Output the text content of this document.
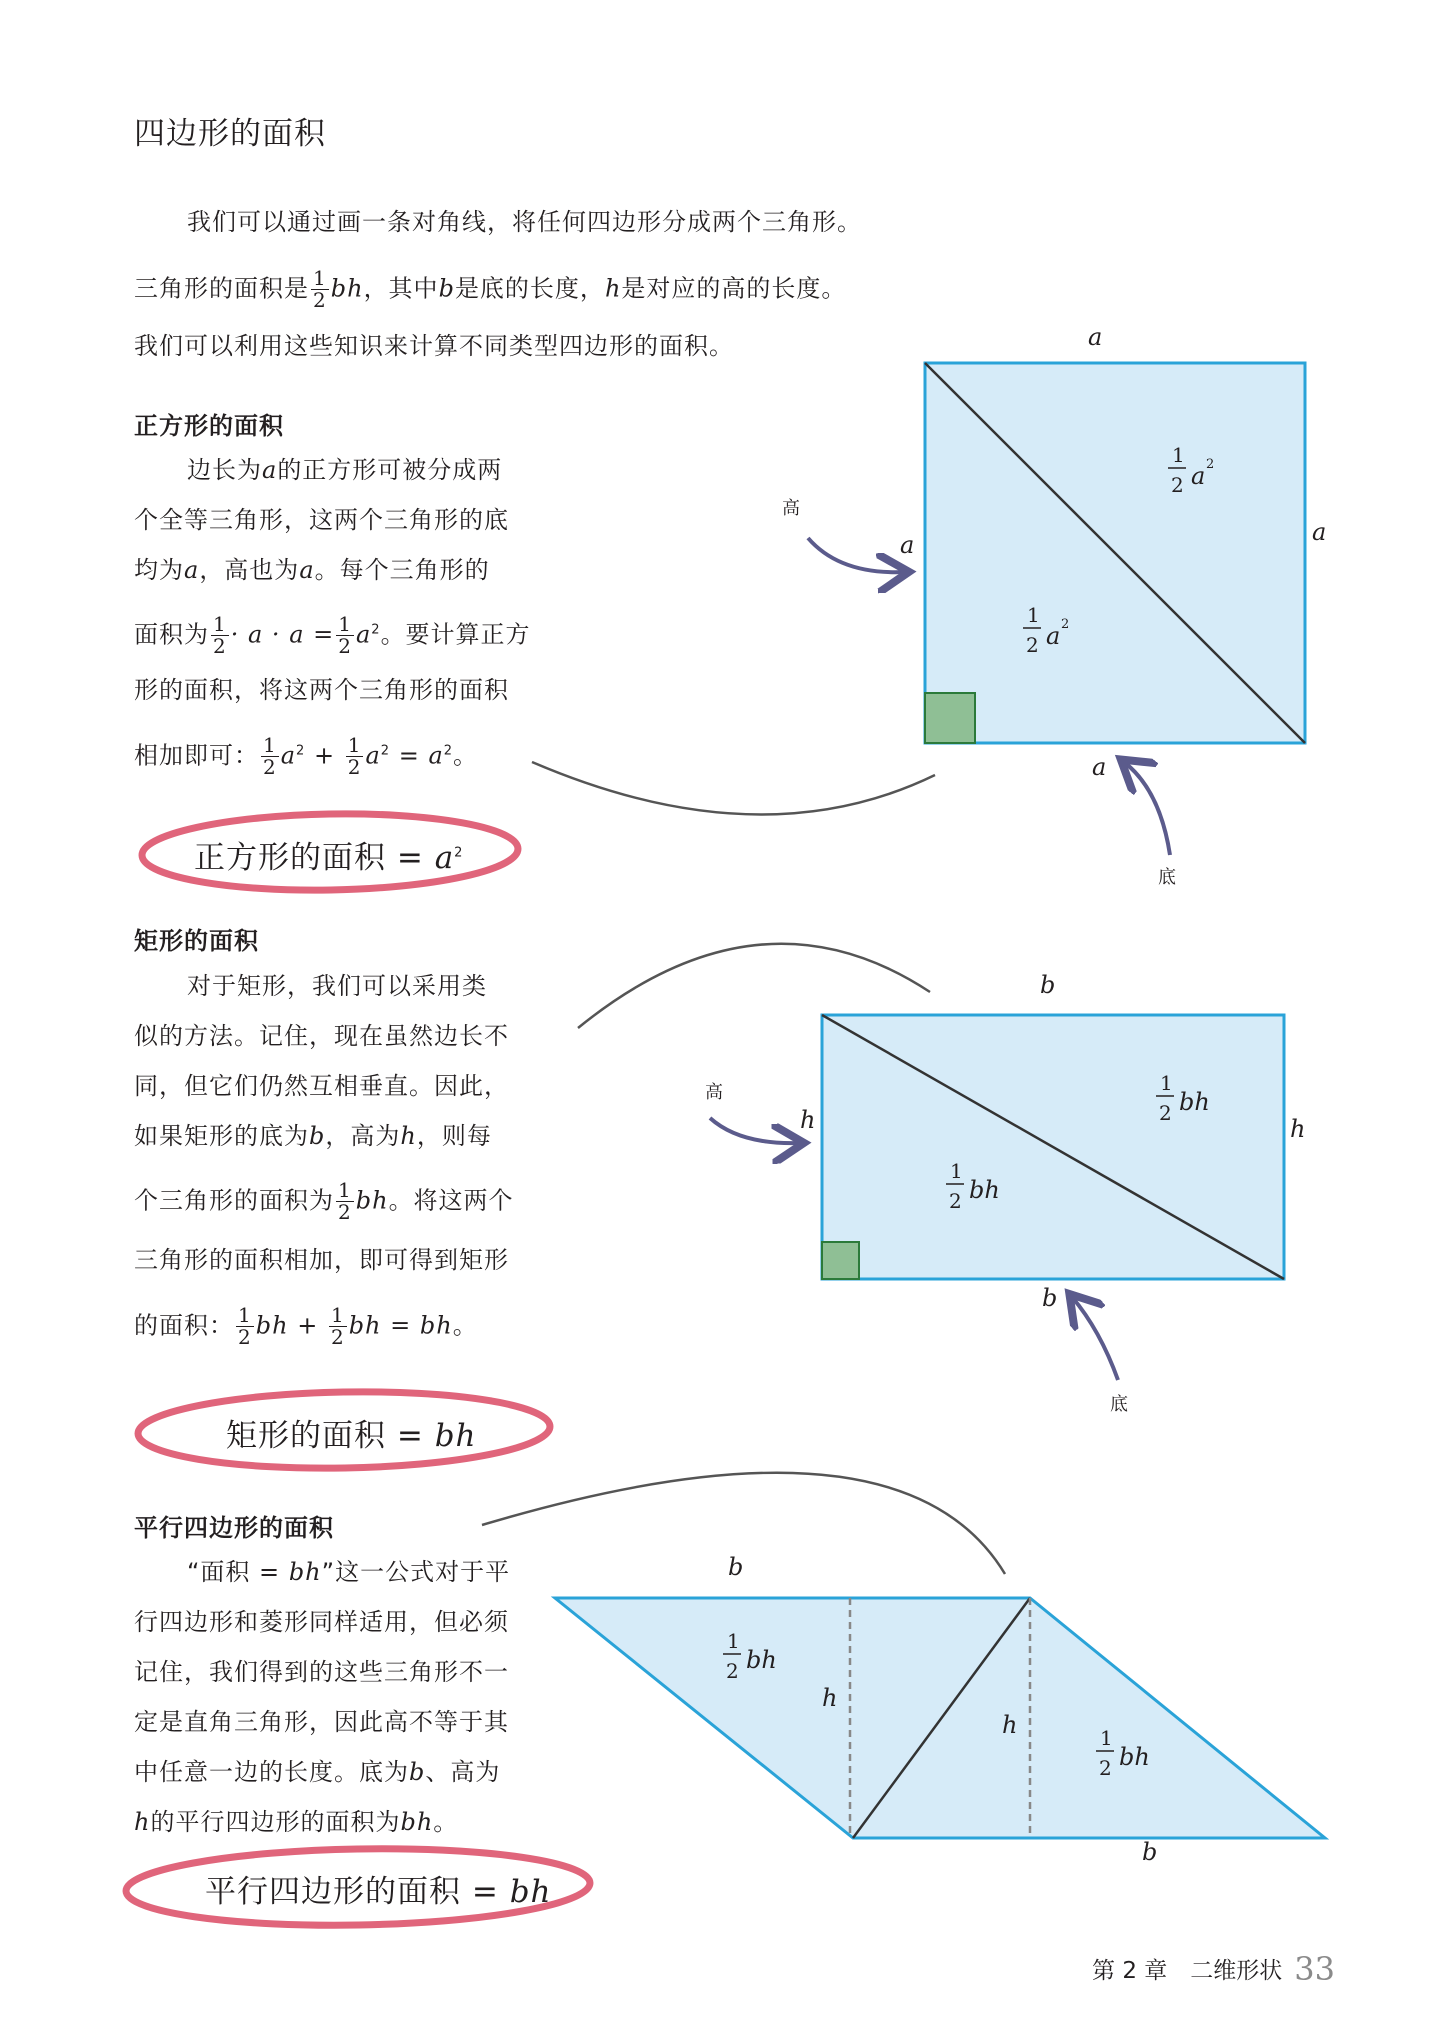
四边形的面积
我们可以通过画一条对角线，将任何四边形分成两个三角形。
三角形的面积是 $\frac{1}{2}$ bh，其中b是底的长度，h是对应的高的长度。
我们可以利用这些知识来计算不同类型四边形的面积。
正方形的面积
边长为a的正方形可被分成两
个全等三角形，这两个三角形的底
均为a，高也为a。每个三角形的
面积为 $\frac{1}{2} \cdot a \cdot a = \frac{1}{2} a^2$。要计算正方
形的面积，将这两个三角形的面积
相加即可： $\frac{1}{2} a^2 + \frac{1}{2} a^2 = a^2$。
正方形的面积 = $a^2$
矩形的面积
对于矩形，我们可以采用类
似的方法。记住，现在虽然边长不
同，但它们仍然互相垂直。因此，
如果矩形的底为b，高为h，则每
个三角形的面积为 $\frac{1}{2}$ bh。将这两个
三角形的面积相加，即可得到矩形
的面积： $\frac{1}{2}$ bh + $\frac{1}{2}$ bh = bh。
矩形的面积 = bh
平行四边形的面积
“面积 = bh”这一公式对于平
行四边形和菱形同样适用，但必须
记住，我们得到的这些三角形不一
定是直角三角形，因此高不等于其
中任意一边的长度。底为b、高为
h的平行四边形的面积为bh。
平行四边形的面积 = bh
第 2 章　二维形状 33
a
a
a
a
高
底
1
2 a 2
1
2 a 2
b
b
h	h
高
底
1
2 bh
1
2 bh
b
b
h
h
1
2 bh
1
2 bh
